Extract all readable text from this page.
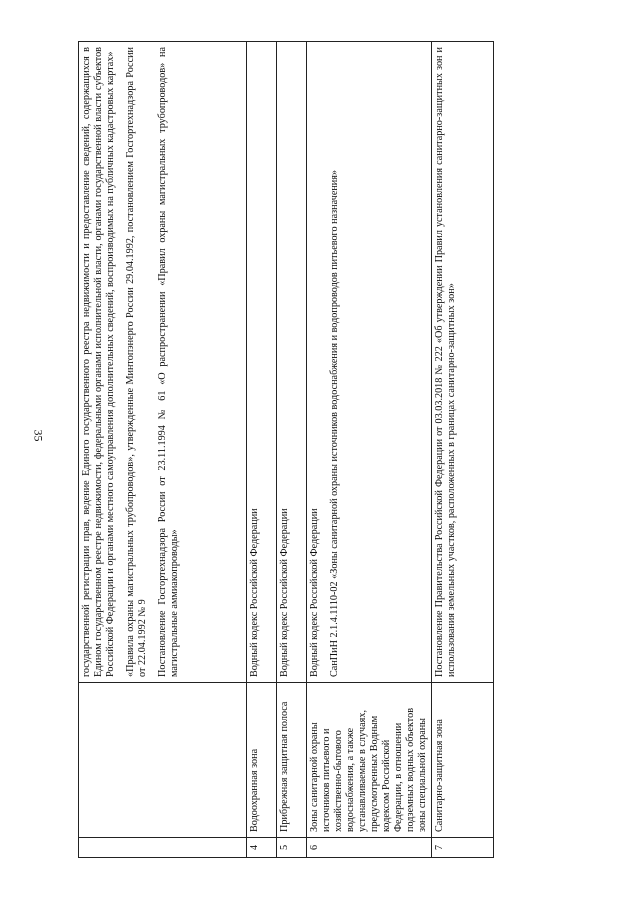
35

		государственной регистрации прав, ведение Единого государственного реестра недвижимости и предоставление сведений, содержащихся в Едином государственном реестре недвижимости, федеральными органами исполнительной власти, органами государственной власти субъектов Российской Федерации и органами местного самоуправления дополнительных сведений, воспроизводимых на публичных кадастровых картах» «Правила охраны магистральных трубопроводов», утвержденные Минтопэнерго России 29.04.1992, постановлением Госгортехнадзора России от 22.04.1992 № 9 Постановление Госгортехнадзора России от 23.11.1994 № 61 «О распространении «Правил охраны магистральных трубопроводов» на магистральные аммиакопроводы»

4	Водоохранная зона	Водный кодекс Российской Федерации

5	Прибрежная защитная полоса	Водный кодекс Российской Федерации

6	Зоны санитарной охраны источников питьевого и хозяйственно-бытового водоснабжения, а также устанавливаемые в случаях, предусмотренных Водным кодексом Российской Федерации, в отношении подземных водных объектов зоны специальной охраны	Водный кодекс Российской Федерации СанПиН 2.1.4.1110-02 «Зоны санитарной охраны источников водоснабжения и водопроводов питьевого назначения»

7	Санитарно-защитная зона	Постановление Правительства Российской Федерации от 03.03.2018 № 222 «Об утверждении Правил установления санитарно-защитных зон и использования земельных участков, расположенных в границах санитарно-защитных зон»
